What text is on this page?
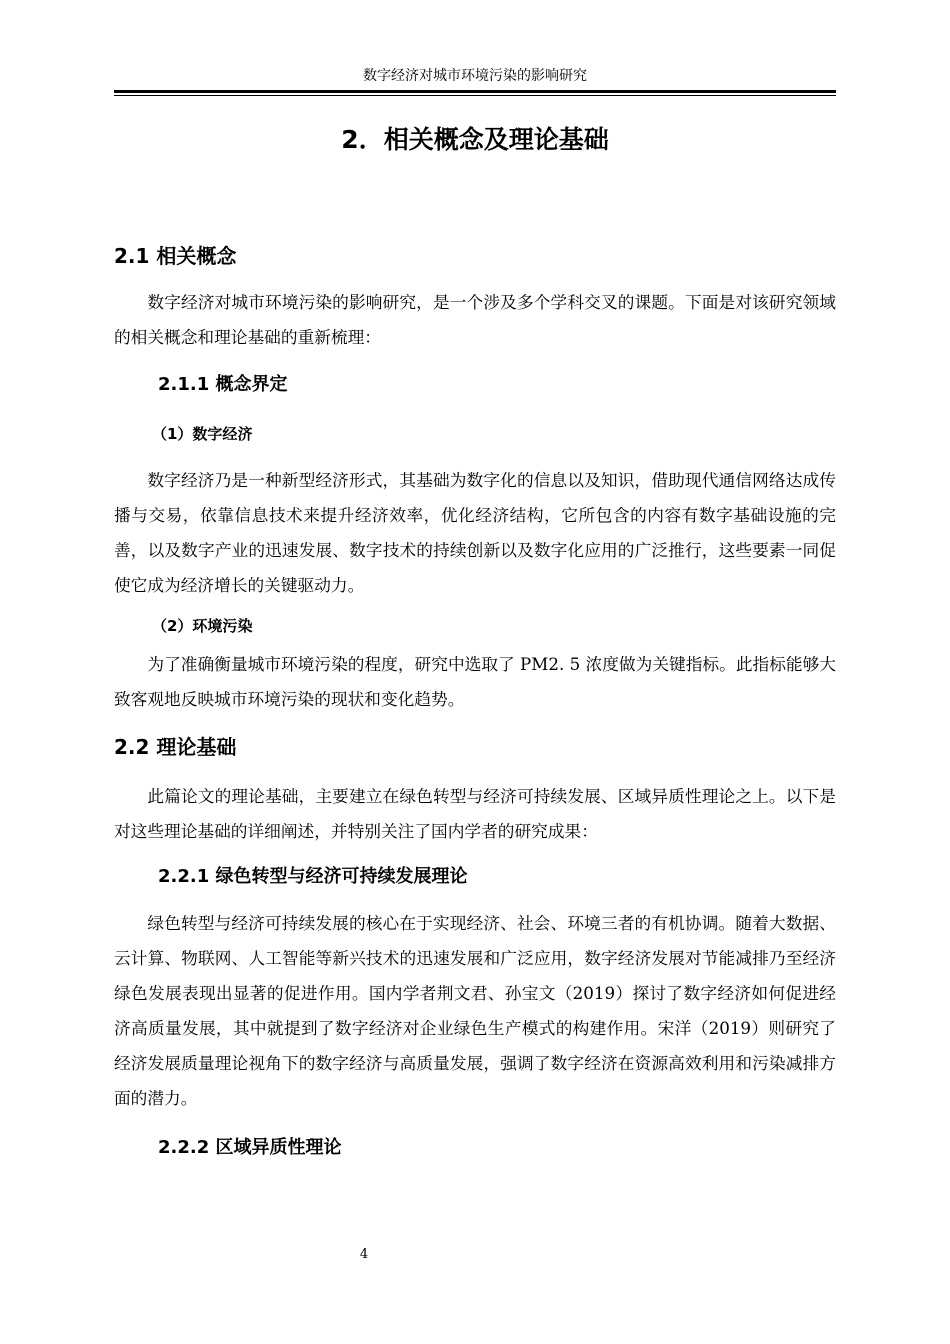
数字经济对城市环境污染的影响研究
2．相关概念及理论基础
2.1 相关概念

数字经济对城市环境污染的影响研究，是一个涉及多个学科交叉的课题。下面是对该研究领域的相关概念和理论基础的重新梳理：

2.1.1 概念界定
（1）数字经济

数字经济乃是一种新型经济形式，其基础为数字化的信息以及知识，借助现代通信网络达成传播与交易，依靠信息技术来提升经济效率，优化经济结构，它所包含的内容有数字基础设施的完善，以及数字产业的迅速发展、数字技术的持续创新以及数字化应用的广泛推行，这些要素一同促使它成为经济增长的关键驱动力。

（2）环境污染

为了准确衡量城市环境污染的程度，研究中选取了 PM2. 5 浓度做为关键指标。此指标能够大致客观地反映城市环境污染的现状和变化趋势。

2.2 理论基础

此篇论文的理论基础，主要建立在绿色转型与经济可持续发展、区域异质性理论之上。以下是对这些理论基础的详细阐述，并特别关注了国内学者的研究成果：

2.2.1 绿色转型与经济可持续发展理论

绿色转型与经济可持续发展的核心在于实现经济、社会、环境三者的有机协调。随着大数据、云计算、物联网、人工智能等新兴技术的迅速发展和广泛应用，数字经济发展对节能减排乃至经济绿色发展表现出显著的促进作用。国内学者荆文君、孙宝文（2019）探讨了数字经济如何促进经济高质量发展，其中就提到了数字经济对企业绿色生产模式的构建作用。宋洋（2019）则研究了经济发展质量理论视角下的数字经济与高质量发展，强调了数字经济在资源高效利用和污染减排方面的潜力。

2.2.2 区域异质性理论
4
